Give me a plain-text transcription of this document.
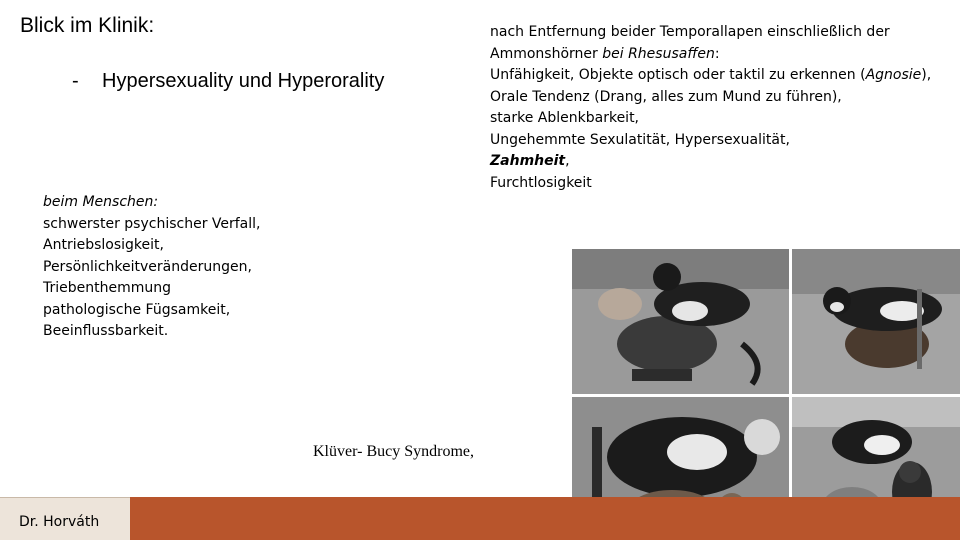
Blick im Klinik:
- Hypersexuality und Hyperorality
beim Menschen:
schwerster psychischer Verfall,
Antriebslosigkeit,
Persönlichkeitveränderungen,
Triebenthemmung
pathologische Fügsamkeit,
Beeinflussbarkeit.
nach Entfernung beider Temporallapen einschließlich der
Ammonshörner bei Rhesusaffen:
Unfähigkeit, Objekte optisch oder taktil zu erkennen (Agnosie),
Orale Tendenz (Drang, alles zum Mund zu führen),
starke Ablenkbarkeit,
Ungehemmte Sexulatität, Hypersexualität,
Zahmheit,
Furchtlosigkeit
Klüver- Bucy Syndrome,
Dr. Horváth
